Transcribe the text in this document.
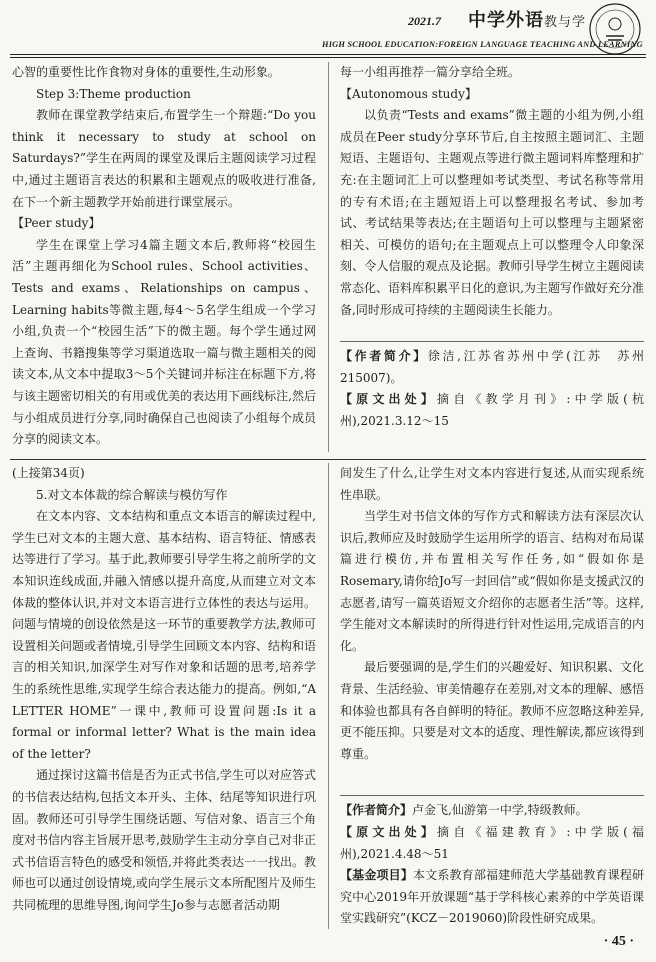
2021.7 中学外语教与学
HIGH SCHOOL EDUCATION:FOREIGN LANGUAGE TEACHING AND LEARNING

心智的重要性比作食物对身体的重要性,生动形象。

Step 3:Theme production

教师在课堂教学结束后,布置学生一个辩题:“Do you think it necessary to study at school on Saturdays?”学生在两周的课堂及课后主题阅读学习过程中,通过主题语言表达的积累和主题观点的吸收进行准备,在下一个新主题教学开始前进行课堂展示。

【Peer study】

学生在课堂上学习4篇主题文本后,教师将“校园生活”主题再细化为School rules、School activities、Tests and exams、Relationships on campus、Learning habits等微主题,每4～5名学生组成一个学习小组,负责一个“校园生活”下的微主题。每个学生通过网上查询、书籍搜集等学习渠道选取一篇与微主题相关的阅读文本,从文本中提取3～5个关键词并标注在标题下方,将与该主题密切相关的有用或优美的表达用下画线标注,然后与小组成员进行分享,同时确保自己也阅读了小组每个成员分享的阅读文本。

每一小组再推荐一篇分享给全班。

【Autonomous study】

以负责“Tests and exams”微主题的小组为例,小组成员在Peer study分享环节后,自主按照主题词汇、主题短语、主题语句、主题观点等进行微主题词料库整理和扩充:在主题词汇上可以整理如考试类型、考试名称等常用的专有术语;在主题短语上可以整理报名考试、参加考试、考试结果等表达;在主题语句上可以整理与主题紧密相关、可模仿的语句;在主题观点上可以整理令人印象深刻、令人信服的观点及论据。教师引导学生树立主题阅读常态化、语料库积累平日化的意识,为主题写作做好充分准备,同时形成可持续的主题阅读生长能力。

【作者简介】徐洁,江苏省苏州中学(江苏　苏州　215007)。

【原文出处】摘自《教学月刊》:中学版(杭州),2021.3.12～15

(上接第34页)

5.对文本体裁的综合解读与模仿写作

在文本内容、文本结构和重点文本语言的解读过程中,学生已对文本的主题大意、基本结构、语言特征、情感表达等进行了学习。基于此,教师要引导学生将之前所学的文本知识连线成面,并融入情感以提升高度,从而建立对文本体裁的整体认识,并对文本语言进行立体性的表达与运用。问题与情境的创设依然是这一环节的重要教学方法,教师可设置相关问题或者情境,引导学生回顾文本内容、结构和语言的相关知识,加深学生对写作对象和话题的思考,培养学生的系统性思维,实现学生综合表达能力的提高。例如,“A LETTER HOME”一课中,教师可设置问题:Is it a formal or informal letter? What is the main idea of the letter?

通过探讨这篇书信是否为正式书信,学生可以对应答式的书信表达结构,包括文本开头、主体、结尾等知识进行巩固。教师还可引导学生围绕话题、写信对象、语言三个角度对书信内容主旨展开思考,鼓励学生主动分享自己对非正式书信语言特色的感受和领悟,并将此类表达一一找出。教师也可以通过创设情境,或向学生展示文本所配图片及师生共同梳理的思维导图,询问学生Jo参与志愿者活动期

间发生了什么,让学生对文本内容进行复述,从而实现系统性串联。

当学生对书信文体的写作方式和解读方法有深层次认识后,教师应及时鼓励学生运用所学的语言、结构对布局谋篇进行模仿,并布置相关写作任务,如“假如你是Rosemary,请你给Jo写一封回信”或“假如你是支援武汉的志愿者,请写一篇英语短文介绍你的志愿者生活”等。这样,学生能对文本解读时的所得进行针对性运用,完成语言的内化。

最后要强调的是,学生们的兴趣爱好、知识积累、文化背景、生活经验、审美情趣存在差别,对文本的理解、感悟和体验也都具有各自鲜明的特征。教师不应忽略这种差异,更不能压抑。只要是对文本的适度、理性解读,都应该得到尊重。

【作者简介】卢金飞,仙游第一中学,特级教师。

【原文出处】摘自《福建教育》:中学版(福州),2021.4.48～51

【基金项目】本文系教育部福建师范大学基础教育课程研究中心2019年开放课题“基于学科核心素养的中学英语课堂实践研究”(KCZ－2019060)阶段性研究成果。

· 45 ·
